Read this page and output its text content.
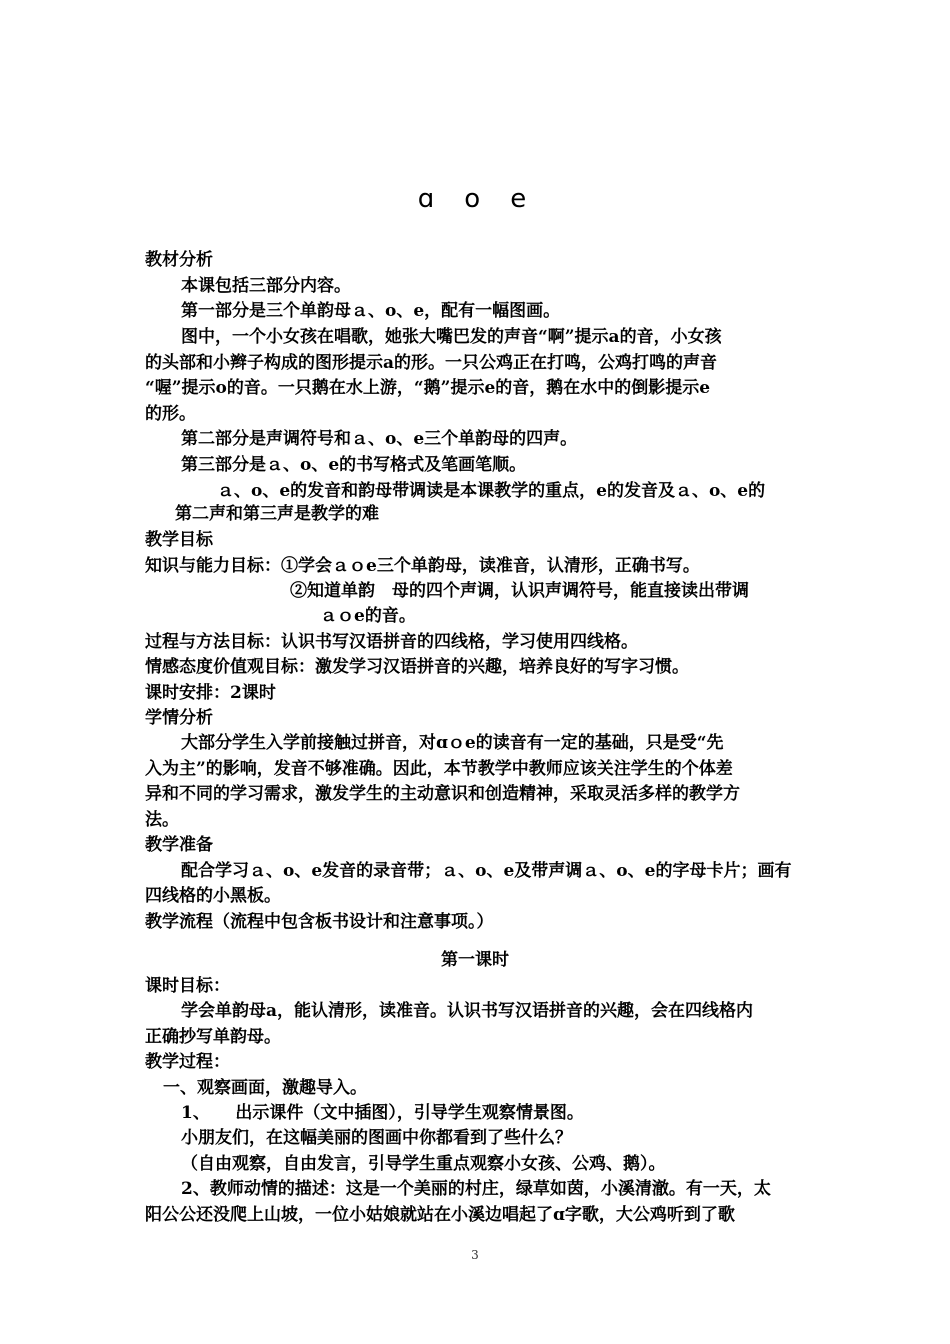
ɑ o e
教材分析
本课包括三部分内容。
第一部分是三个单韵母ａ、o、e，配有一幅图画。
图中，一个小女孩在唱歌，她张大嘴巴发的声音“啊”提示a的音，小女孩
的头部和小辫子构成的图形提示a的形。一只公鸡正在打鸣，公鸡打鸣的声音
“喔”提示o的音。一只鹅在水上游，“鹅”提示e的音，鹅在水中的倒影提示e
的形。
第二部分是声调符号和ａ、o、e三个单韵母的四声。
第三部分是ａ、o、e的书写格式及笔画笔顺。
ａ、o、e的发音和韵母带调读是本课教学的重点，e的发音及ａ、o、e的
第二声和第三声是教学的难
教学目标
知识与能力目标：①学会ａｏe三个单韵母，读准音，认清形，正确书写。
②知道单韵　母的四个声调，认识声调符号，能直接读出带调
ａｏe的音。
过程与方法目标：认识书写汉语拼音的四线格，学习使用四线格。
情感态度价值观目标：激发学习汉语拼音的兴趣，培养良好的写字习惯。
课时安排：2课时
学情分析
大部分学生入学前接触过拼音，对ɑｏe的读音有一定的基础，只是受“先
入为主”的影响，发音不够准确。因此，本节教学中教师应该关注学生的个体差
异和不同的学习需求，激发学生的主动意识和创造精神，采取灵活多样的教学方
法。
教学准备
配合学习ａ、o、e发音的录音带；ａ、o、e及带声调ａ、o、e的字母卡片；画有
四线格的小黑板。
教学流程（流程中包含板书设计和注意事项。）
第一课时
课时目标：
学会单韵母a，能认清形，读准音。认识书写汉语拼音的兴趣，会在四线格内
正确抄写单韵母。
教学过程：
一、观察画面，激趣导入。
1、　　出示课件（文中插图），引导学生观察情景图。
小朋友们，在这幅美丽的图画中你都看到了些什么？
（自由观察，自由发言，引导学生重点观察小女孩、公鸡、鹅）。
2、教师动情的描述：这是一个美丽的村庄，绿草如茵，小溪清澈。有一天，太
阳公公还没爬上山坡，一位小姑娘就站在小溪边唱起了ɑ字歌，大公鸡听到了歌
3
